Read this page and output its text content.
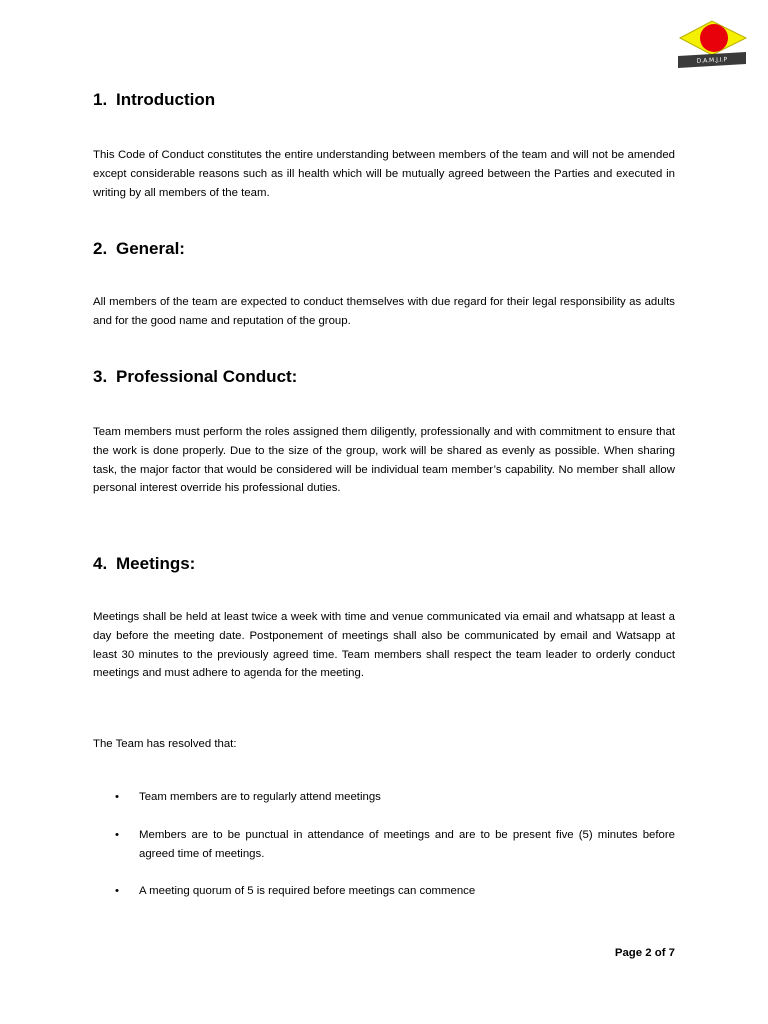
D.A.M.J.I.P
1. Introduction

This Code of Conduct constitutes the entire understanding between members of the team and will not be amended except considerable reasons such as ill health which will be mutually agreed between the Parties and executed in writing by all members of the team.

2. General:

All members of the team are expected to conduct themselves with due regard for their legal responsibility as adults and for the good name and reputation of the group.

3. Professional Conduct:

Team members must perform the roles assigned them diligently, professionally and with commitment to ensure that the work is done properly. Due to the size of the group, work will be shared as evenly as possible. When sharing task, the major factor that would be considered will be individual team member’s capability. No member shall allow personal interest override his professional duties.

4. Meetings:

Meetings shall be held at least twice a week with time and venue communicated via email and whatsapp at least a day before the meeting date. Postponement of meetings shall also be communicated by email and Watsapp at least 30 minutes to the previously agreed time. Team members shall respect the team leader to orderly conduct meetings and must adhere to agenda for the meeting.

The Team has resolved that:

• Team members are to regularly attend meetings
• Members are to be punctual in attendance of meetings and are to be present five (5) minutes before agreed time of meetings.
• A meeting quorum of 5 is required before meetings can commence
Page 2 of 7
